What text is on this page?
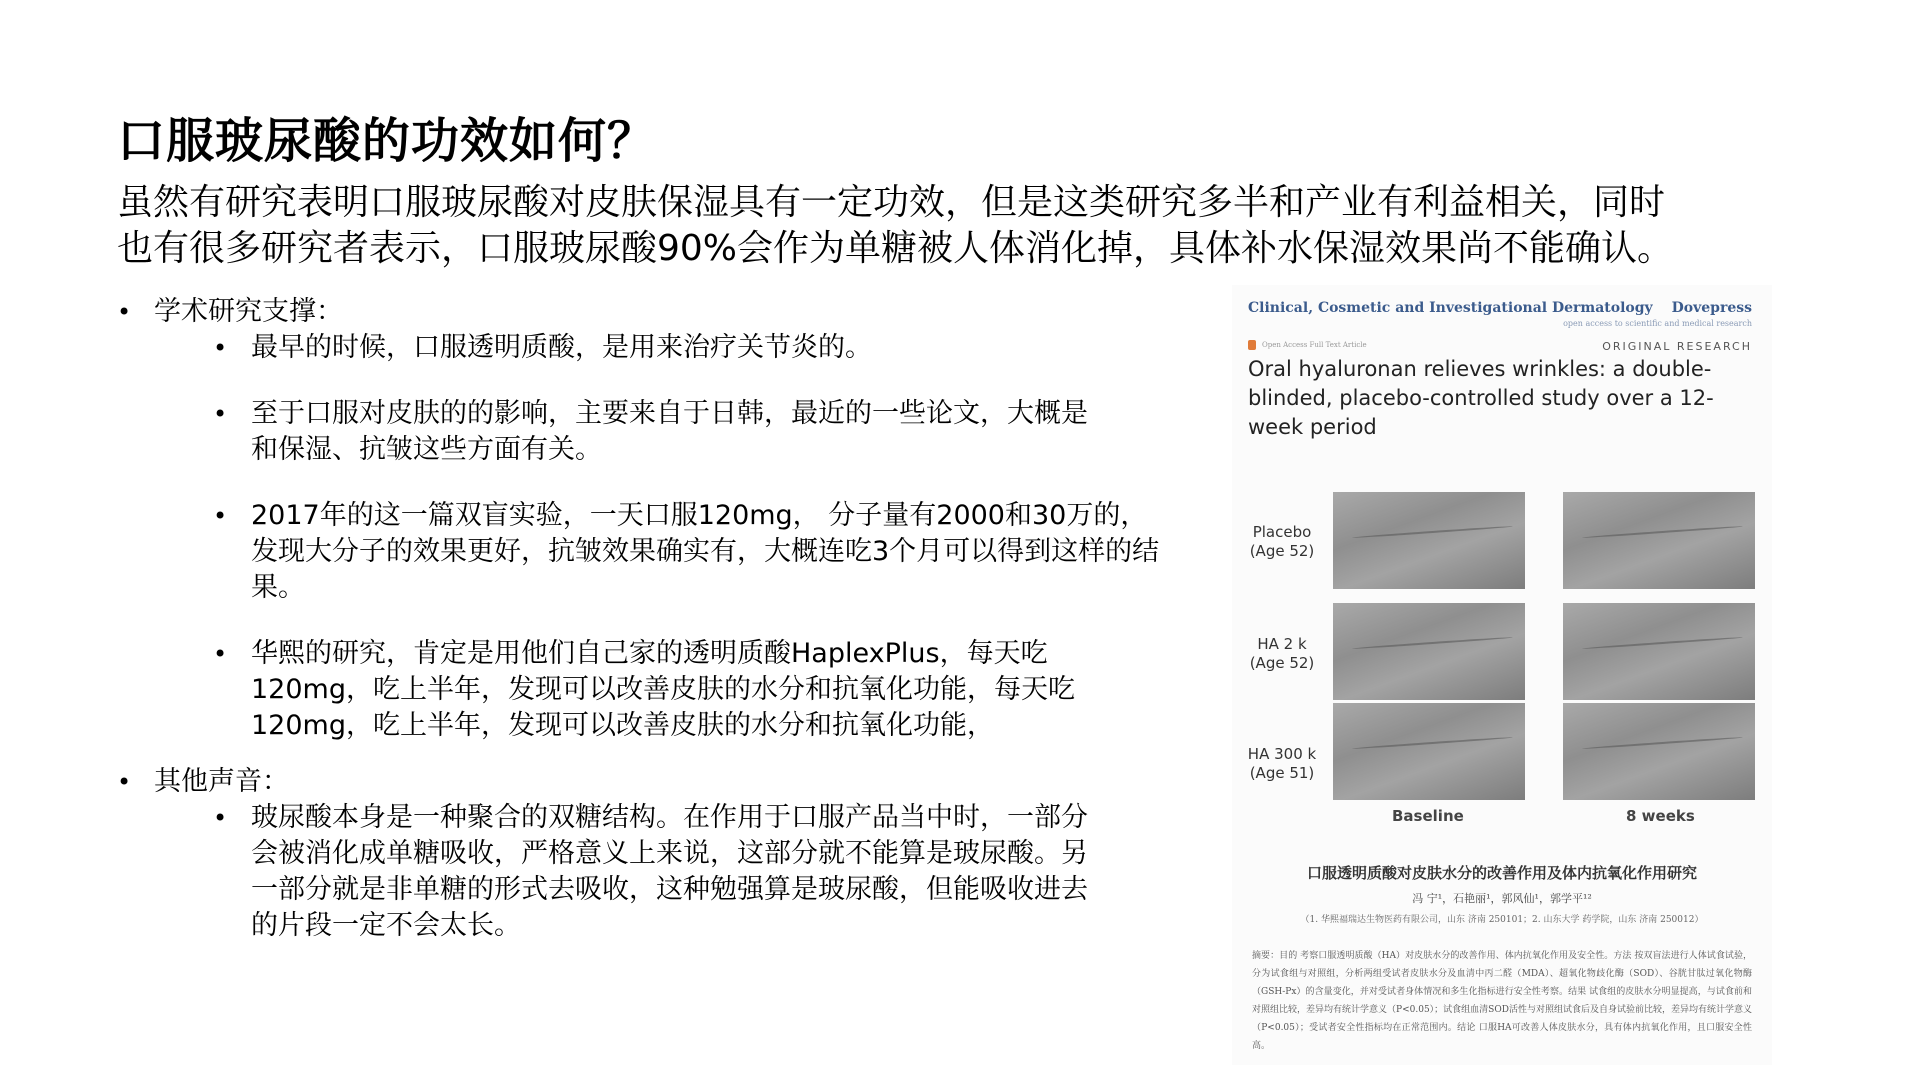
口服玻尿酸的功效如何？
虽然有研究表明口服玻尿酸对皮肤保湿具有一定功效，但是这类研究多半和产业有利益相关，同时
也有很多研究者表示，口服玻尿酸90%会作为单糖被人体消化掉，具体补水保湿效果尚不能确认。
• 学术研究支撑：
• 最早的时候，口服透明质酸，是用来治疗关节炎的。
• 至于口服对皮肤的的影响，主要来自于日韩，最近的一些论文，大概是和保湿、抗皱这些方面有关。
• 2017年的这一篇双盲实验，一天口服120mg， 分子量有2000和30万的，发现大分子的效果更好，抗皱效果确实有，大概连吃3个月可以得到这样的结果。
• 华熙的研究，肯定是用他们自己家的透明质酸HaplexPlus，每天吃120mg，吃上半年，发现可以改善皮肤的水分和抗氧化功能，每天吃120mg，吃上半年，发现可以改善皮肤的水分和抗氧化功能，
• 其他声音：
• 玻尿酸本身是一种聚合的双糖结构。在作用于口服产品当中时，一部分会被消化成单糖吸收，严格意义上来说，这部分就不能算是玻尿酸。另一部分就是非单糖的形式去吸收，这种勉强算是玻尿酸，但能吸收进去的片段一定不会太长。
Clinical, Cosmetic and Investigational Dermatology Dovepress
open access to scientific and medical research
Open Access Full Text Article	ORIGINAL RESEARCH
Oral hyaluronan relieves wrinkles: a double-blinded, placebo-controlled study over a 12-week period
Placebo
(Age 52)
HA 2 k
(Age 52)
HA 300 k
(Age 51)
Baseline	8 weeks
口服透明质酸对皮肤水分的改善作用及体内抗氧化作用研究
冯 宁¹，石艳丽¹，郭风仙¹，郭学平¹²
（1. 华熙福瑞达生物医药有限公司，山东 济南 250101；2. 山东大学 药学院，山东 济南 250012）
摘要：目的 考察口服透明质酸（HA）对皮肤水分的改善作用、体内抗氧化作用及安全性。方法 按双盲法进行人体试食试验，分为试食组与对照组，分析两组受试者皮肤水分及血清中丙二醛（MDA）、超氧化物歧化酶（SOD）、谷胱甘肽过氧化物酶（GSH-Px）的含量变化，并对受试者身体情况和多生化指标进行安全性考察。结果 试食组的皮肤水分明显提高，与试食前和对照组比较，差异均有统计学意义（P<0.05）；试食组血清SOD活性与对照组试食后及自身试验前比较，差异均有统计学意义（P<0.05）；受试者安全性指标均在正常范围内。结论 口服HA可改善人体皮肤水分，具有体内抗氧化作用，且口服安全性高。
